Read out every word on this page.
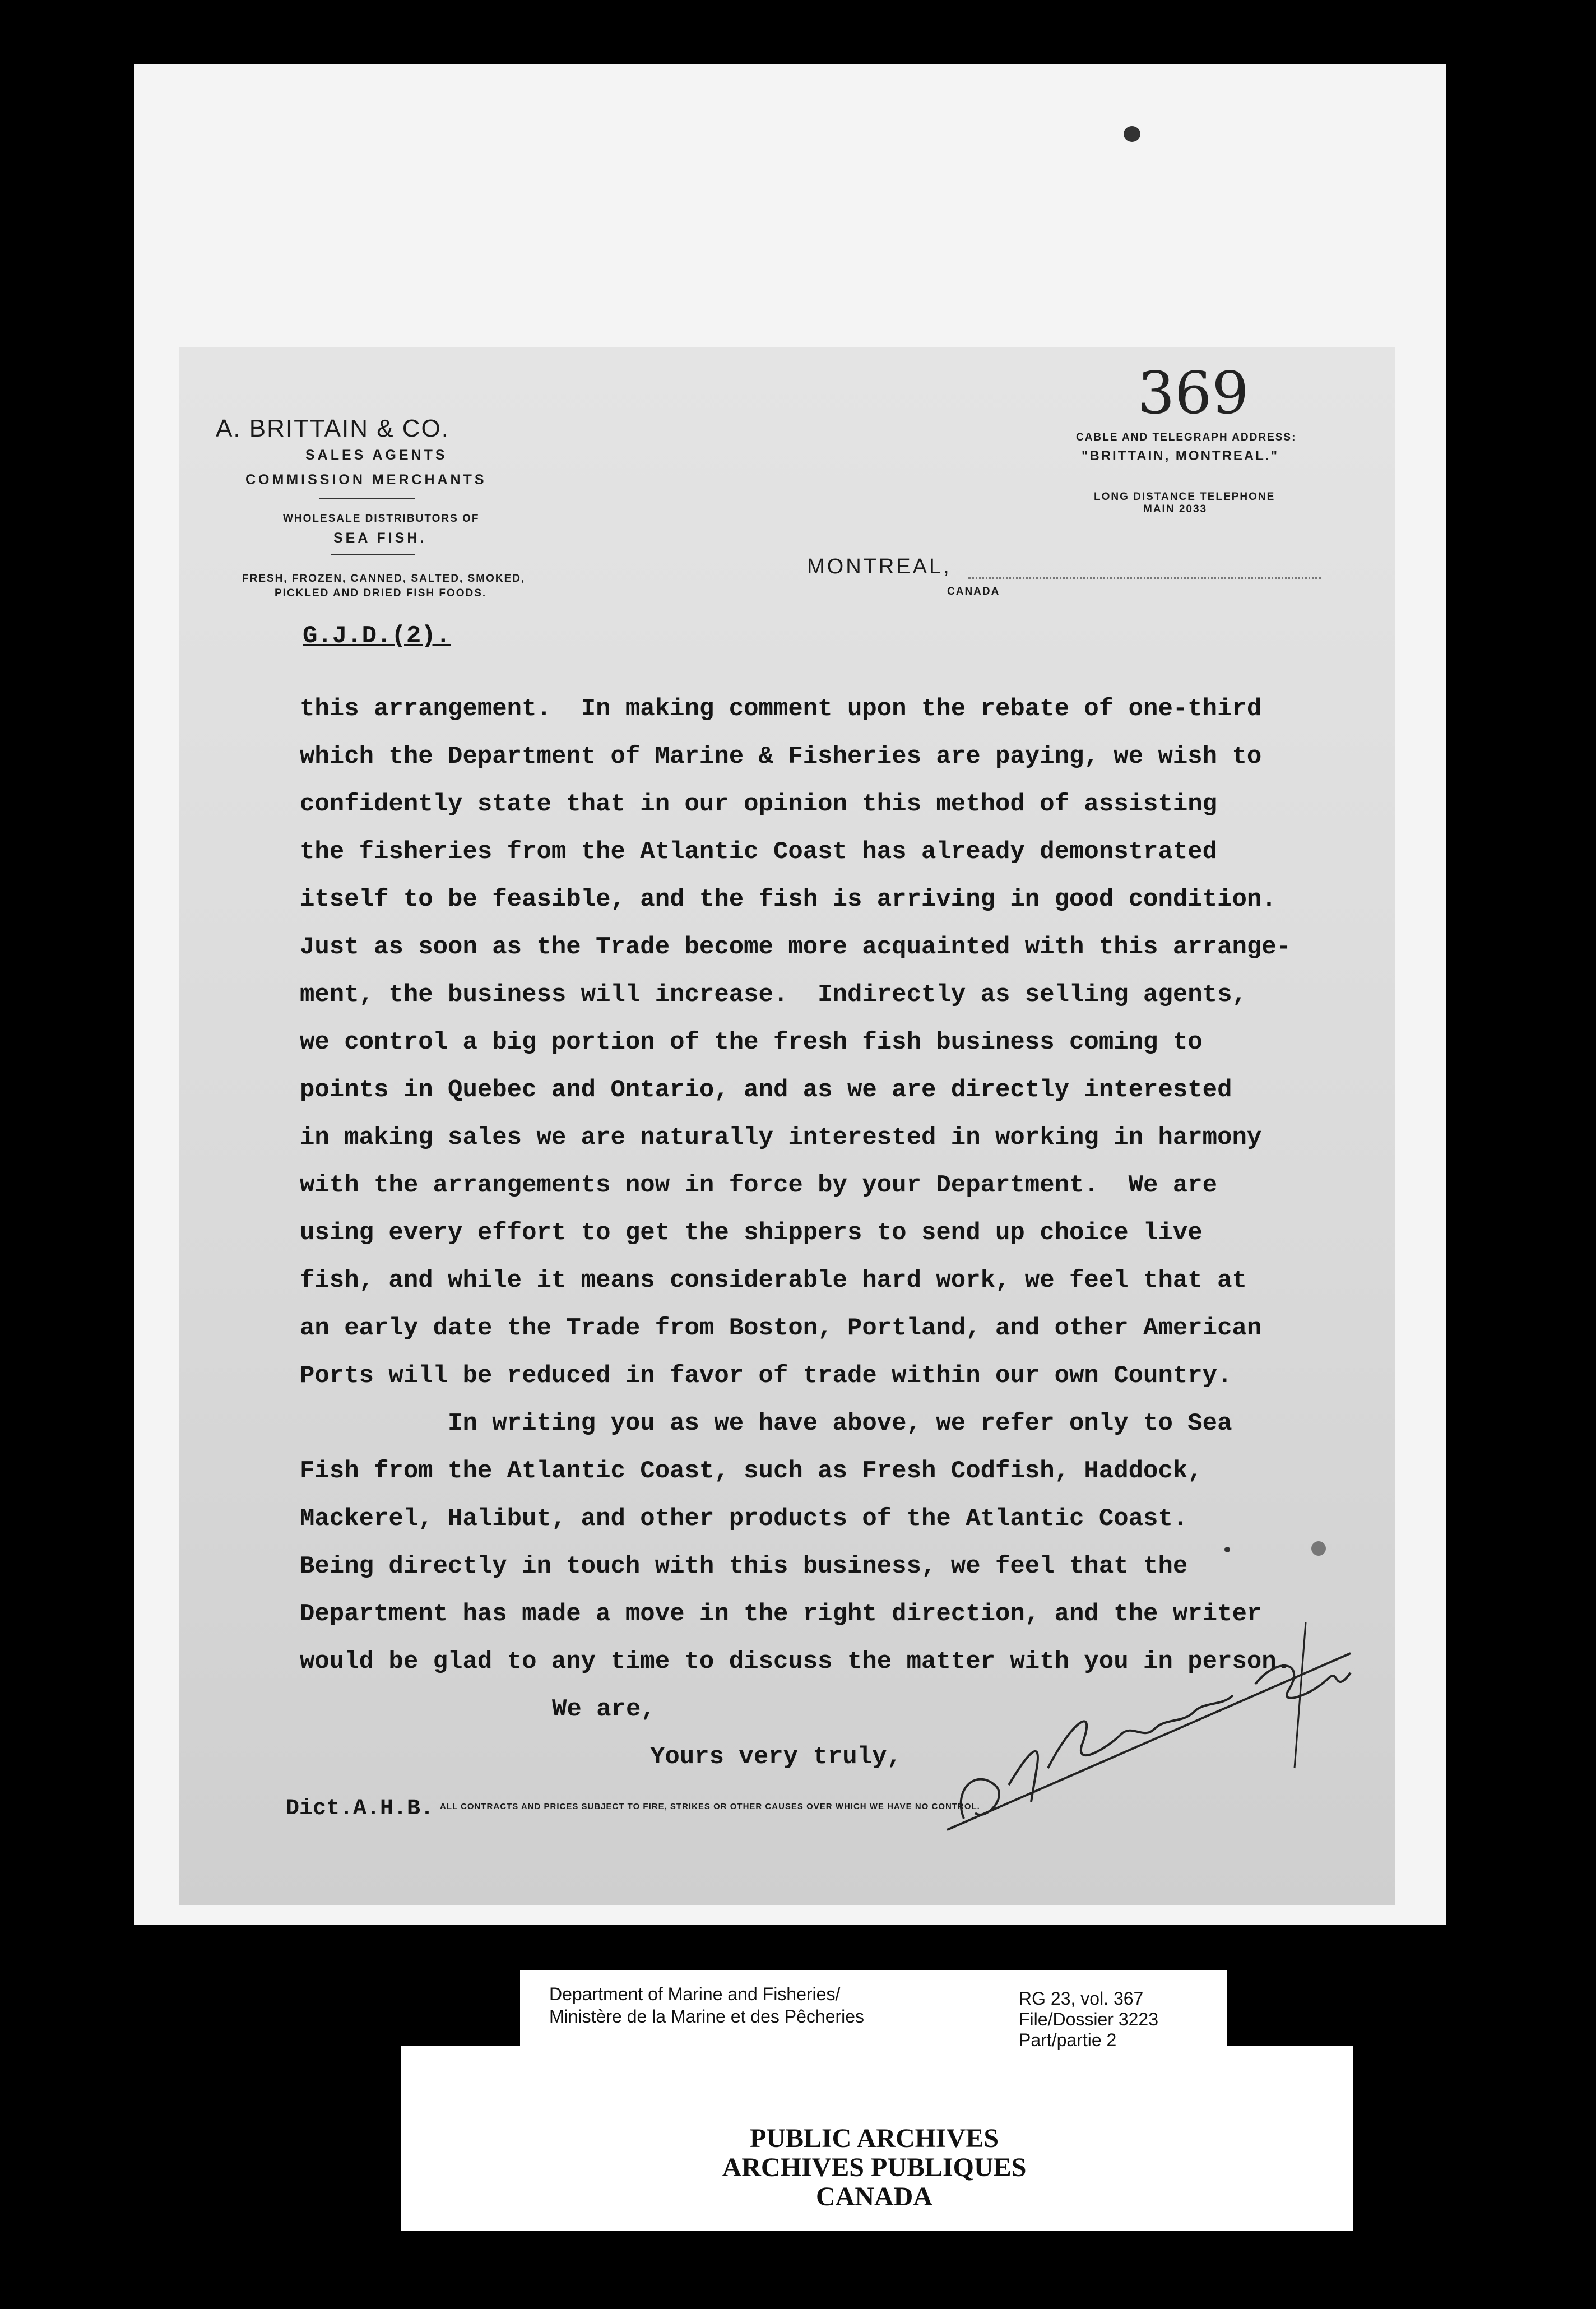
A. BRITTAIN & CO.
SALES AGENTS
COMMISSION MERCHANTS
WHOLESALE DISTRIBUTORS OF
SEA FISH.
FRESH, FROZEN, CANNED, SALTED, SMOKED,
PICKLED AND DRIED FISH FOODS.
CABLE AND TELEGRAPH ADDRESS:
"BRITTAIN, MONTREAL."
LONG DISTANCE TELEPHONE
MAIN 2033
369
MONTREAL,
CANADA
G.J.D.(2).
this arrangement.  In making comment upon the rebate of one-third
which the Department of Marine & Fisheries are paying, we wish to
confidently state that in our opinion this method of assisting
the fisheries from the Atlantic Coast has already demonstrated
itself to be feasible, and the fish is arriving in good condition.
Just as soon as the Trade become more acquainted with this arrange-
ment, the business will increase.  Indirectly as selling agents,
we control a big portion of the fresh fish business coming to
points in Quebec and Ontario, and as we are directly interested
in making sales we are naturally interested in working in harmony
with the arrangements now in force by your Department.  We are
using every effort to get the shippers to send up choice live
fish, and while it means considerable hard work, we feel that at
an early date the Trade from Boston, Portland, and other American
Ports will be reduced in favor of trade within our own Country.
In writing you as we have above, we refer only to Sea
Fish from the Atlantic Coast, such as Fresh Codfish, Haddock,
Mackerel, Halibut, and other products of the Atlantic Coast.
Being directly in touch with this business, we feel that the
Department has made a move in the right direction, and the writer
would be glad to any time to discuss the matter with you in person.
We are,
Yours very truly,
Dict.A.H.B. ALL CONTRACTS AND PRICES SUBJECT TO FIRE, STRIKES OR OTHER CAUSES OVER WHICH WE HAVE NO CONTROL.
Department of Marine and Fisheries/
Ministère de la Marine et des Pêcheries
RG 23, vol. 367
File/Dossier 3223
Part/partie 2
PUBLIC ARCHIVES
ARCHIVES PUBLIQUES
CANADA
